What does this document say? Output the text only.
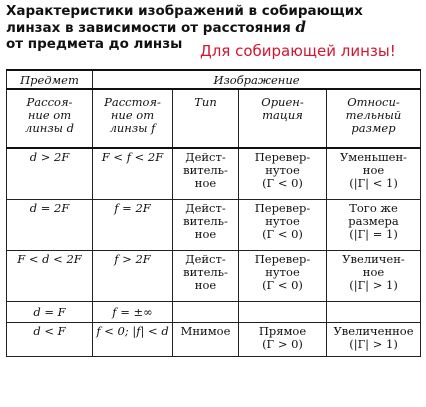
Характеристики изображений в собирающих
линзах в зависимости от расстояния d
от предмета до линзы	Для собирающей линзы!
Предмет	Изображение			

Рассоя-
ние от
линзы d	Расстоя-
ние от
линзы f	Тип	Ориен-
тация	Относи-
тельный
размер

d > 2F	F < f < 2F	Дейст-
витель-
ное	Перевер-
нутое
(Г < 0)	Уменьшен-
ное
(|Г| < 1)

d = 2F	f = 2F	Дейст-
витель-
ное	Перевер-
нутое
(Г < 0)	Того же
размера
(|Г| = 1)

F < d < 2F	f > 2F	Дейст-
витель-
ное	Перевер-
нутое
(Г < 0)	Увеличен-
ное
(|Г| > 1)

d = F	f = ±∞			
d < F	f < 0; |f| < d	Мнимое	Прямое
(Г > 0)	Увеличенное
(|Г| > 1)
